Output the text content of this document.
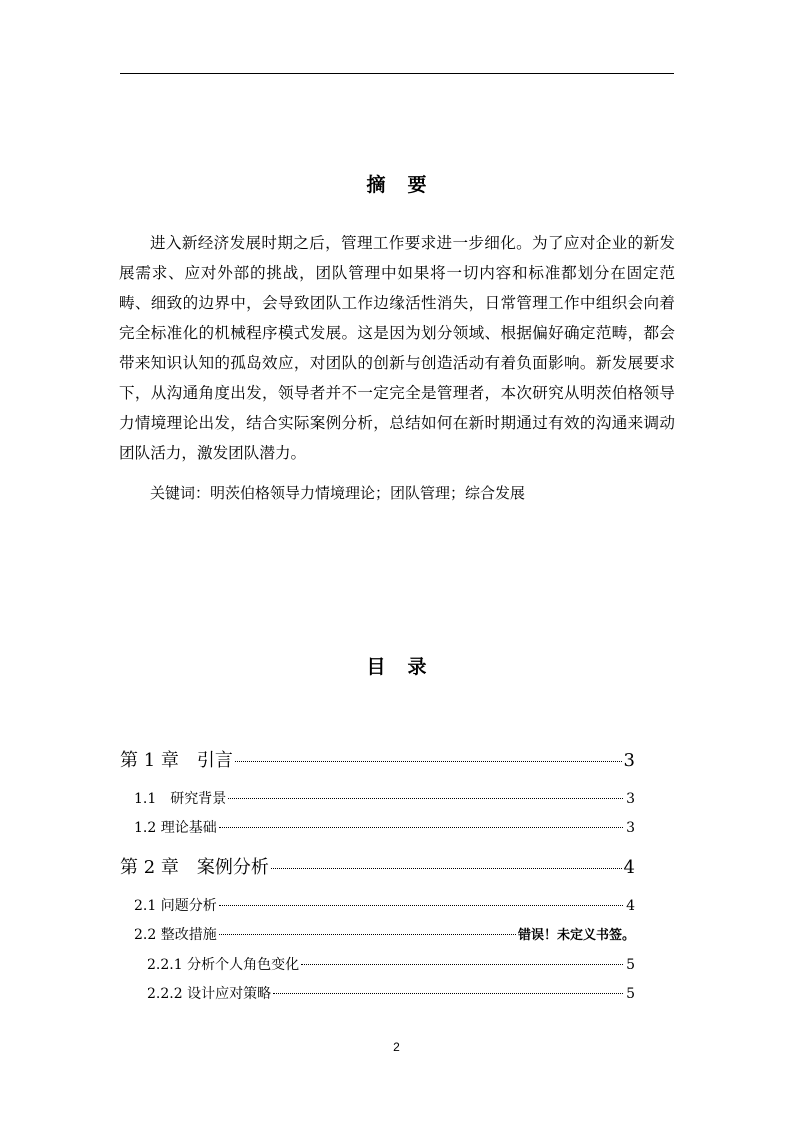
摘 要

进入新经济发展时期之后，管理工作要求进一步细化。为了应对企业的新发展需求、应对外部的挑战，团队管理中如果将一切内容和标准都划分在固定范畴、细致的边界中，会导致团队工作边缘活性消失，日常管理工作中组织会向着完全标准化的机械程序模式发展。这是因为划分领域、根据偏好确定范畴，都会带来知识认知的孤岛效应，对团队的创新与创造活动有着负面影响。新发展要求下，从沟通角度出发，领导者并不一定完全是管理者，本次研究从明茨伯格领导力情境理论出发，结合实际案例分析，总结如何在新时期通过有效的沟通来调动团队活力，激发团队潜力。

关键词：明茨伯格领导力情境理论；团队管理；综合发展
目 录
第 1 章　引言	3
1.1　研究背景	3
1.2 理论基础	3
第 2 章　案例分析	4
2.1 问题分析	4
2.2 整改措施	错误！未定义书签。
2.2.1 分析个人角色变化	5
2.2.2 设计应对策略	5
2
